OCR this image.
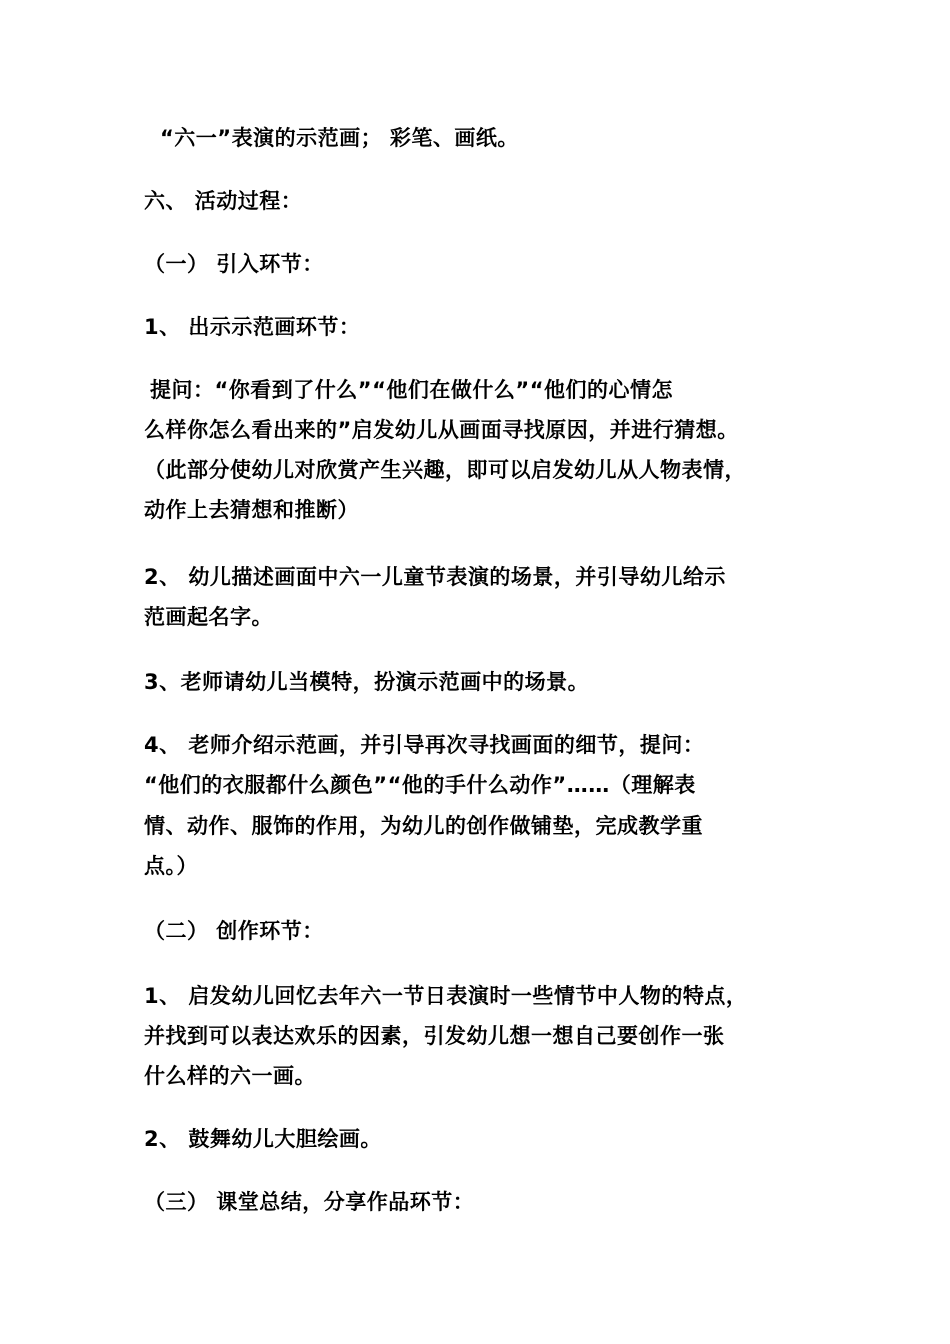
“六一”表演的示范画； 彩笔、画纸。
六、 活动过程：
（一） 引入环节：
1、 出示示范画环节：
提问：“你看到了什么”“他们在做什么”“他们的心情怎
么样你怎么看出来的”启发幼儿从画面寻找原因，并进行猜想。
（此部分使幼儿对欣赏产生兴趣，即可以启发幼儿从人物表情，
动作上去猜想和推断）
2、 幼儿描述画面中六一儿童节表演的场景，并引导幼儿给示
范画起名字。
3、老师请幼儿当模特，扮演示范画中的场景。
4、 老师介绍示范画，并引导再次寻找画面的细节，提问：
“他们的衣服都什么颜色”“他的手什么动作”……（理解表
情、动作、服饰的作用，为幼儿的创作做铺垫，完成教学重
点。）
（二） 创作环节：
1、 启发幼儿回忆去年六一节日表演时一些情节中人物的特点，
并找到可以表达欢乐的因素，引发幼儿想一想自己要创作一张
什么样的六一画。
2、 鼓舞幼儿大胆绘画。
（三） 课堂总结，分享作品环节：
